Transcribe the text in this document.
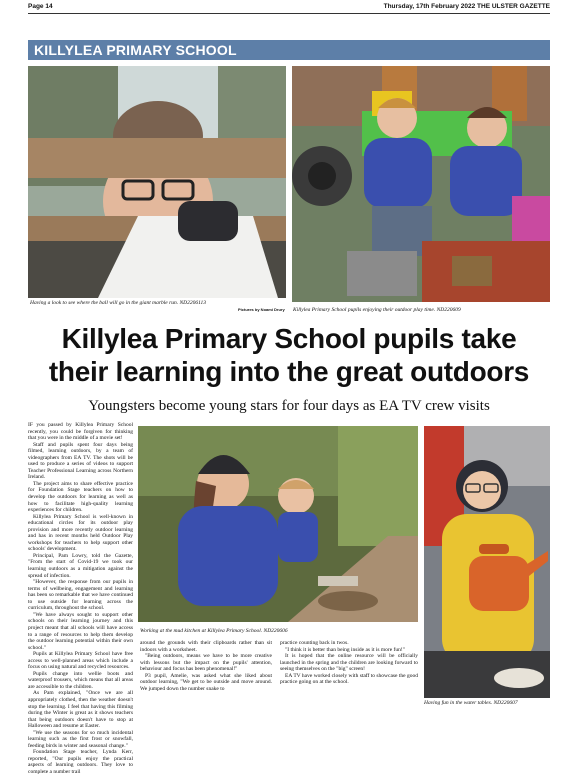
Page 14	Thursday, 17th February 2022 THE ULSTER GAZETTE
KILLYLEA PRIMARY SCHOOL
Having a look to see where the ball will go in the giant marble run. ND2206113
Pictures by Noami Drury Killylea Primary School pupils enjoying their outdoor play time. ND220609
Killylea Primary School pupils take
their learning into the great outdoors
Youngsters become young stars for four days as EA TV crew visits

IF you passed by Killylea Primary School recently, you could be forgiven for thinking that you were in the middle of a movie set!

Staff and pupils spent four days being filmed, learning outdoors, by a team of videographers from EA TV. The shots will be used to produce a series of videos to support Teacher Professional Learning across Northern Ireland.

The project aims to share effective practice for Foundation Stage teachers on how to develop the outdoors for learning as well as how to facilitate high-quality learning experiences for children.

Killylea Primary School is well-known in educational circles for its outdoor play provision and more recently outdoor learning and has in recent months held Outdoor Play workshops for teachers to help support other schools' development.

Principal, Pam Lowry, told the Gazette, "From the start of Covid-19 we took our learning outdoors as a mitigation against the spread of infection.

"However, the response from our pupils in terms of wellbeing, engagement and learning has been so remarkable that we have continued to use outside for learning across the curriculum, throughout the school.

"We have always sought to support other schools on their learning journey and this project meant that all schools will have access to a range of resources to help them develop the outdoor learning potential within their own school."

Pupils at Killylea Primary School have free access to well-planned areas which include a focus on using natural and recycled resources.

Pupils change into wellie boots and waterproof trousers, which means that all areas are accessible to the children.

As Pam explained, "Once we are all appropriately clothed, then the weather doesn't stop the learning. I feel that having this filming during the Winter is great as it shows teachers that being outdoors doesn't have to stop at Halloween and resume at Easter.

"We use the seasons for so much incidental learning such as the first frost or snowfall, feeding birds in winter and seasonal change."

Foundation Stage teacher, Lynda Kerr, reported, "Our pupils enjoy the practical aspects of learning outdoors. They love to complete a number trail

Working at the mud kitchen at Killylea Primary School. ND220606
Having fun in the water tables. ND220607

around the grounds with their clipboards rather than sit indoors with a worksheet.

"Being outdoors, means we have to be more creative with lessons but the impact on the pupils' attention, behaviour and focus has been phenomenal!"

P3 pupil, Amelie, was asked what she liked about outdoor learning, "We get to be outside and move around. We jumped down the number snake to

practice counting back in twos.

"I think it is better than being inside as it is more fun!"

It is hoped that the online resource will be officially launched in the spring and the children are looking forward to seeing themselves on the "big" screen!

EA TV have worked closely with staff to showcase the good practice going on at the school.
